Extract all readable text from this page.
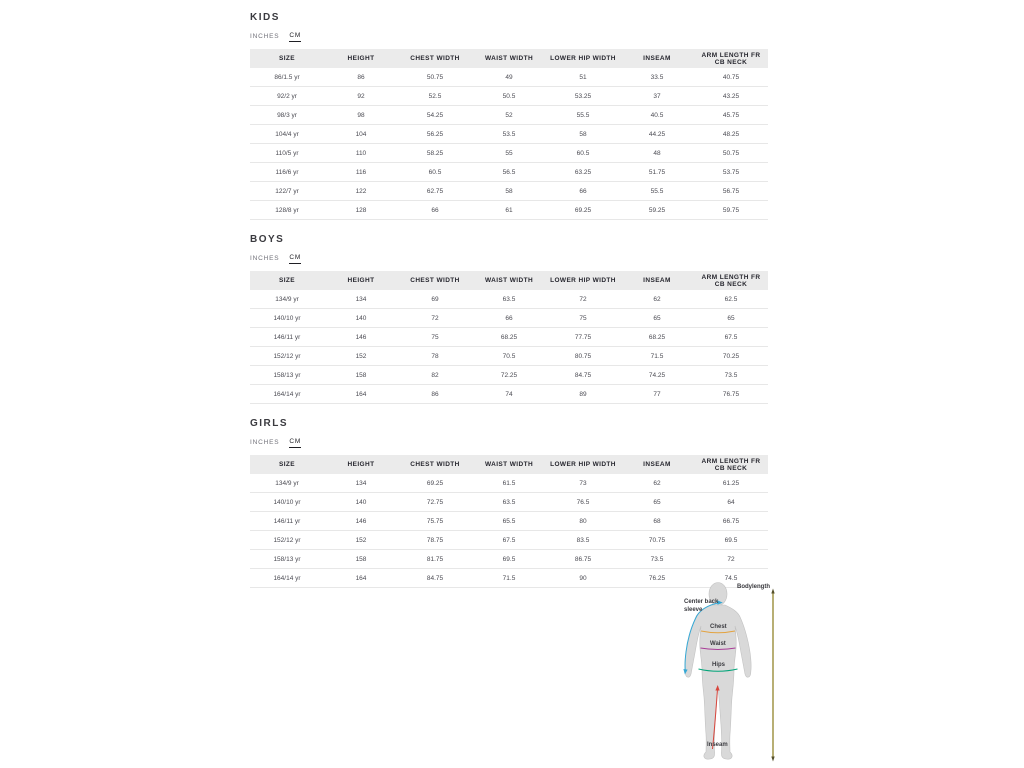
KIDS
INCHES CM
SIZE	HEIGHT	CHEST WIDTH	WAIST WIDTH	LOWER HIP WIDTH	INSEAM	ARM LENGTH FR CB NECK
86/1.5 yr	86	50.75	49	51	33.5	40.75
92/2 yr	92	52.5	50.5	53.25	37	43.25
98/3 yr	98	54.25	52	55.5	40.5	45.75
104/4 yr	104	56.25	53.5	58	44.25	48.25
110/5 yr	110	58.25	55	60.5	48	50.75
116/6 yr	116	60.5	56.5	63.25	51.75	53.75
122/7 yr	122	62.75	58	66	55.5	56.75
128/8 yr	128	66	61	69.25	59.25	59.75
BOYS
INCHES CM
SIZE	HEIGHT	CHEST WIDTH	WAIST WIDTH	LOWER HIP WIDTH	INSEAM	ARM LENGTH FR CB NECK
134/9 yr	134	69	63.5	72	62	62.5
140/10 yr	140	72	66	75	65	65
146/11 yr	146	75	68.25	77.75	68.25	67.5
152/12 yr	152	78	70.5	80.75	71.5	70.25
158/13 yr	158	82	72.25	84.75	74.25	73.5
164/14 yr	164	86	74	89	77	76.75
GIRLS
INCHES CM
SIZE	HEIGHT	CHEST WIDTH	WAIST WIDTH	LOWER HIP WIDTH	INSEAM	ARM LENGTH FR CB NECK
134/9 yr	134	69.25	61.5	73	62	61.25
140/10 yr	140	72.75	63.5	76.5	65	64
146/11 yr	146	75.75	65.5	80	68	66.75
152/12 yr	152	78.75	67.5	83.5	70.75	69.5
158/13 yr	158	81.75	69.5	86.75	73.5	72
164/14 yr	164	84.75	71.5	90	76.25	74.5
Bodylength
Center back
sleeve
Chest
Waist
Hips
Inseam
